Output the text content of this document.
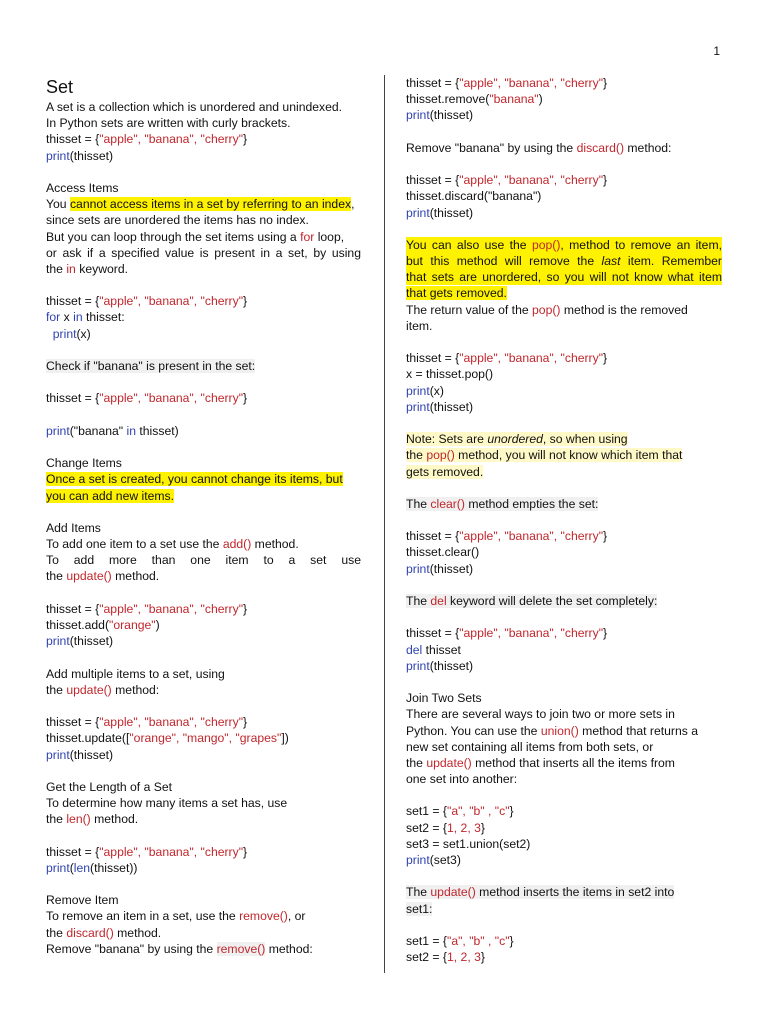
1
Set
A set is a collection which is unordered and unindexed.
In Python sets are written with curly brackets.
thisset = {"apple", "banana", "cherry"}
print(thisset)
Access Items
You cannot access items in a set by referring to an index,
since sets are unordered the items has no index.
But you can loop through the set items using a for loop,
or ask if a specified value is present in a set, by using
the in keyword.
thisset = {"apple", "banana", "cherry"}
for x in thisset:
print(x)
Check if "banana" is present in the set:
thisset = {"apple", "banana", "cherry"}
print("banana" in thisset)
Change Items
Once a set is created, you cannot change its items, but
you can add new items.
Add Items
To add one item to a set use the add() method.
To add more than one item to a set use
the update() method.
thisset = {"apple", "banana", "cherry"}
thisset.add("orange")
print(thisset)
Add multiple items to a set, using
the update() method:
thisset = {"apple", "banana", "cherry"}
thisset.update(["orange", "mango", "grapes"])
print(thisset)
Get the Length of a Set
To determine how many items a set has, use
the len() method.
thisset = {"apple", "banana", "cherry"}
print(len(thisset))
Remove Item
To remove an item in a set, use the remove(), or
the discard() method.
Remove "banana" by using the remove() method:
thisset = {"apple", "banana", "cherry"}
thisset.remove("banana")
print(thisset)
Remove "banana" by using the discard() method:
thisset = {"apple", "banana", "cherry"}
thisset.discard("banana")
print(thisset)
You can also use the pop(), method to remove an item,
but this method will remove the last item. Remember
that sets are unordered, so you will not know what item
that gets removed.
The return value of the pop() method is the removed
item.
thisset = {"apple", "banana", "cherry"}
x = thisset.pop()
print(x)
print(thisset)
Note: Sets are unordered, so when using
the pop() method, you will not know which item that
gets removed.
The clear() method empties the set:
thisset = {"apple", "banana", "cherry"}
thisset.clear()
print(thisset)
The del keyword will delete the set completely:
thisset = {"apple", "banana", "cherry"}
del thisset
print(thisset)
Join Two Sets
There are several ways to join two or more sets in
Python. You can use the union() method that returns a
new set containing all items from both sets, or
the update() method that inserts all the items from
one set into another:
set1 = {"a", "b" , "c"}
set2 = {1, 2, 3}
set3 = set1.union(set2)
print(set3)
The update() method inserts the items in set2 into
set1:
set1 = {"a", "b" , "c"}
set2 = {1, 2, 3}
